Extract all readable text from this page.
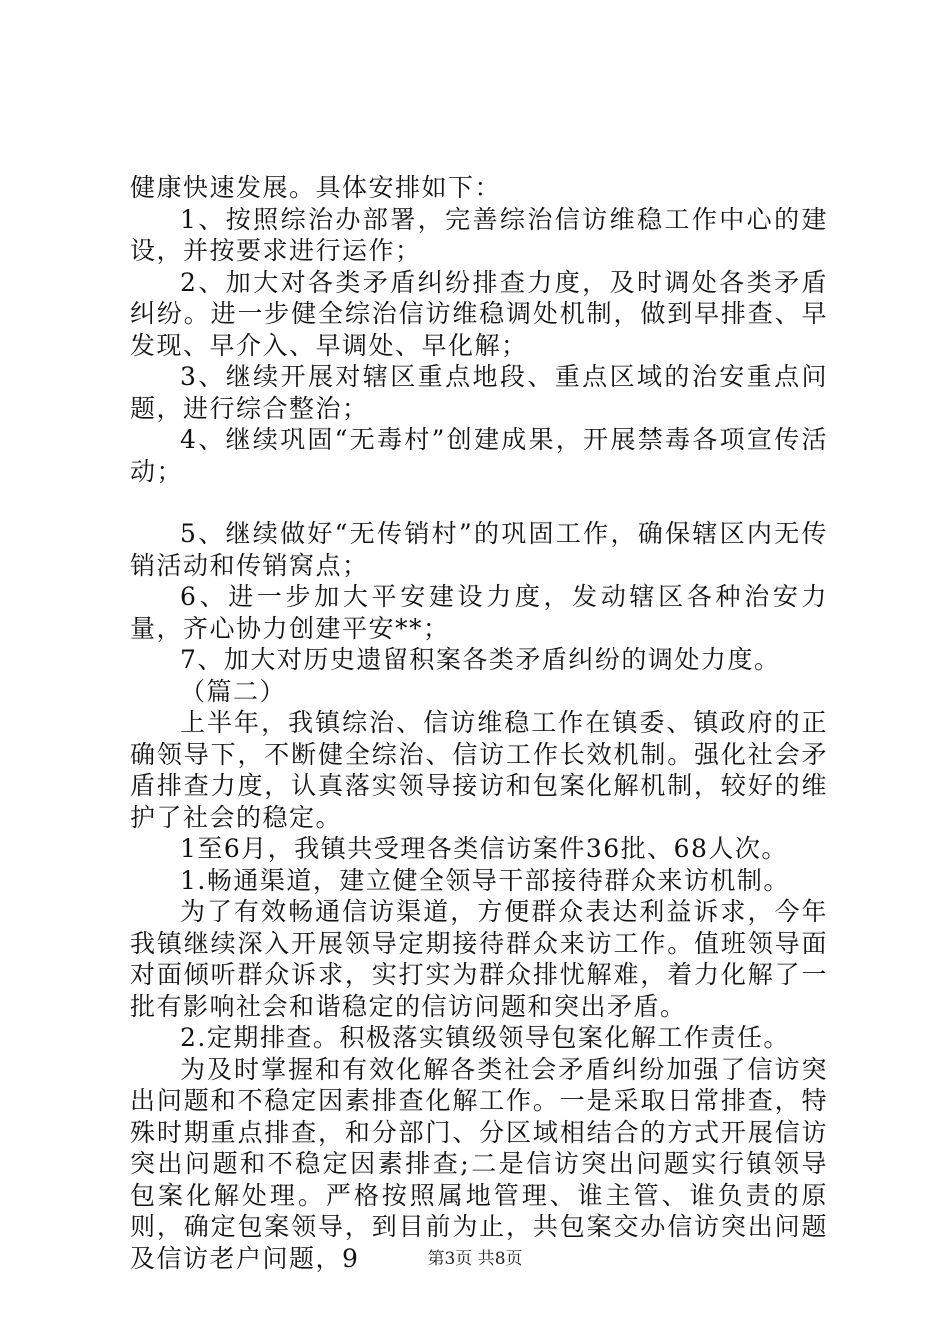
健康快速发展。具体安排如下：

1、按照综治办部署，完善综治信访维稳工作中心的建设，并按要求进行运作；

2、加大对各类矛盾纠纷排查力度，及时调处各类矛盾纠纷。进一步健全综治信访维稳调处机制，做到早排查、早发现、早介入、早调处、早化解；

3、继续开展对辖区重点地段、重点区域的治安重点问题，进行综合整治；

4、继续巩固“无毒村”创建成果，开展禁毒各项宣传活动；

5、继续做好“无传销村”的巩固工作，确保辖区内无传销活动和传销窝点；

6、进一步加大平安建设力度，发动辖区各种治安力量，齐心协力创建平安**；

7、加大对历史遗留积案各类矛盾纠纷的调处力度。

（篇二）

上半年，我镇综治、信访维稳工作在镇委、镇政府的正确领导下，不断健全综治、信访工作长效机制。强化社会矛盾排查力度，认真落实领导接访和包案化解机制，较好的维护了社会的稳定。

1至6月，我镇共受理各类信访案件36批、68人次。

1.畅通渠道，建立健全领导干部接待群众来访机制。

为了有效畅通信访渠道，方便群众表达利益诉求，今年我镇继续深入开展领导定期接待群众来访工作。值班领导面对面倾听群众诉求，实打实为群众排忧解难，着力化解了一批有影响社会和谐稳定的信访问题和突出矛盾。

2.定期排查。积极落实镇级领导包案化解工作责任。

为及时掌握和有效化解各类社会矛盾纠纷加强了信访突出问题和不稳定因素排查化解工作。一是采取日常排查，特殊时期重点排查，和分部门、分区域相结合的方式开展信访突出问题和不稳定因素排查;二是信访突出问题实行镇领导包案化解处理。严格按照属地管理、谁主管、谁负责的原则，确定包案领导，到目前为止，共包案交办信访突出问题及信访老户问题，9	第3页 共8页
